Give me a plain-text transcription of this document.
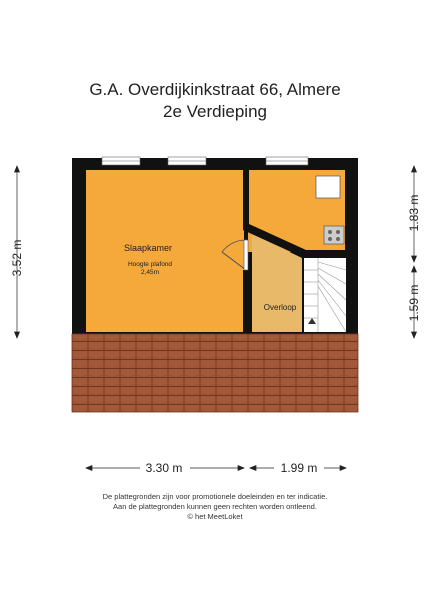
G.A. Overdijkinkstraat 66, Almere
2e Verdieping
Slaapkamer
Hoogte plafond
2,45m
Overloop
3.52 m
1.83 m
1.59 m
3.30 m	1.99 m
De plattegronden zijn voor promotionele doeleinden en ter indicatie.
Aan de plattegronden kunnen geen rechten worden ontleend.
© het MeetLoket
